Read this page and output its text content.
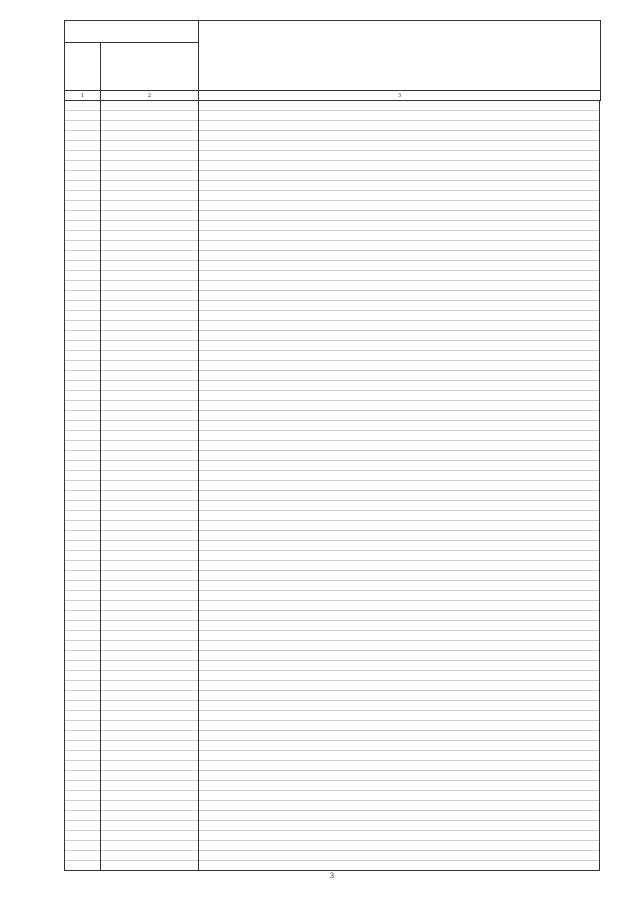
1	2	3
3
